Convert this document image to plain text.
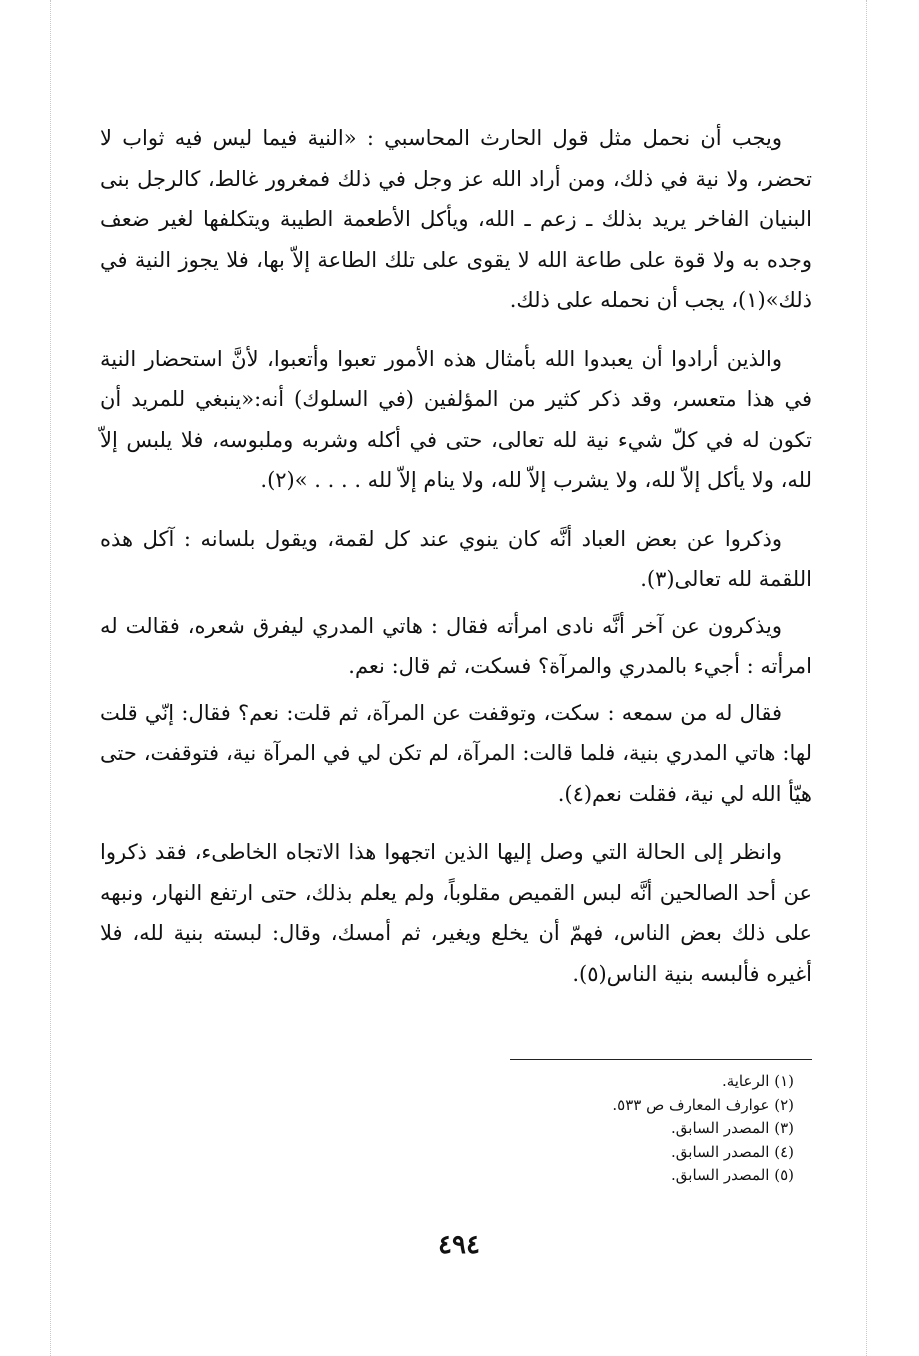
ويجب أن نحمل مثل قول الحارث المحاسبي : «النية فيما ليس فيه ثواب لا تحضر، ولا نية في ذلك، ومن أراد الله عز وجل في ذلك فمغرور غالط، كالرجل بنى البنيان الفاخر يريد بذلك ـ زعم ـ الله، ويأكل الأطعمة الطيبة ويتكلفها لغير ضعف وجده به ولا قوة على طاعة الله لا يقوى على تلك الطاعة إلاّ بها، فلا يجوز النية في ذلك»(١)، يجب أن نحمله على ذلك.

والذين أرادوا أن يعبدوا الله بأمثال هذه الأمور تعبوا وأتعبوا، لأنَّ استحضار النية في هذا متعسر، وقد ذكر كثير من المؤلفين (في السلوك) أنه:«ينبغي للمريد أن تكون له في كلّ شيء نية لله تعالى، حتى في أكله وشربه وملبوسه، فلا يلبس إلاّ لله، ولا يأكل إلاّ لله، ولا يشرب إلاّ لله، ولا ينام إلاّ لله . . . . »(٢).

وذكروا عن بعض العباد أنَّه كان ينوي عند كل لقمة، ويقول بلسانه : آكل هذه اللقمة لله تعالى(٣).

ويذكرون عن آخر أنَّه نادى امرأته فقال : هاتي المدري ليفرق شعره، فقالت له امرأته : أجيء بالمدري والمرآة؟ فسكت، ثم قال: نعم.

فقال له من سمعه : سكت، وتوقفت عن المرآة، ثم قلت: نعم؟ فقال: إنّي قلت لها: هاتي المدري بنية، فلما قالت: المرآة، لم تكن لي في المرآة نية، فتوقفت، حتى هيّأ الله لي نية، فقلت نعم(٤).

وانظر إلى الحالة التي وصل إليها الذين اتجهوا هذا الاتجاه الخاطىء، فقد ذكروا عن أحد الصالحين أنَّه لبس القميص مقلوباً، ولم يعلم بذلك، حتى ارتفع النهار، ونبهه على ذلك بعض الناس، فهمّ أن يخلع ويغير، ثم أمسك، وقال: لبسته بنية لله، فلا أغيره فألبسه بنية الناس(٥).

(١) الرعاية.
(٢) عوارف المعارف ص ٥٣٣.
(٣) المصدر السابق.
(٤) المصدر السابق.
(٥) المصدر السابق.
٤٩٤
